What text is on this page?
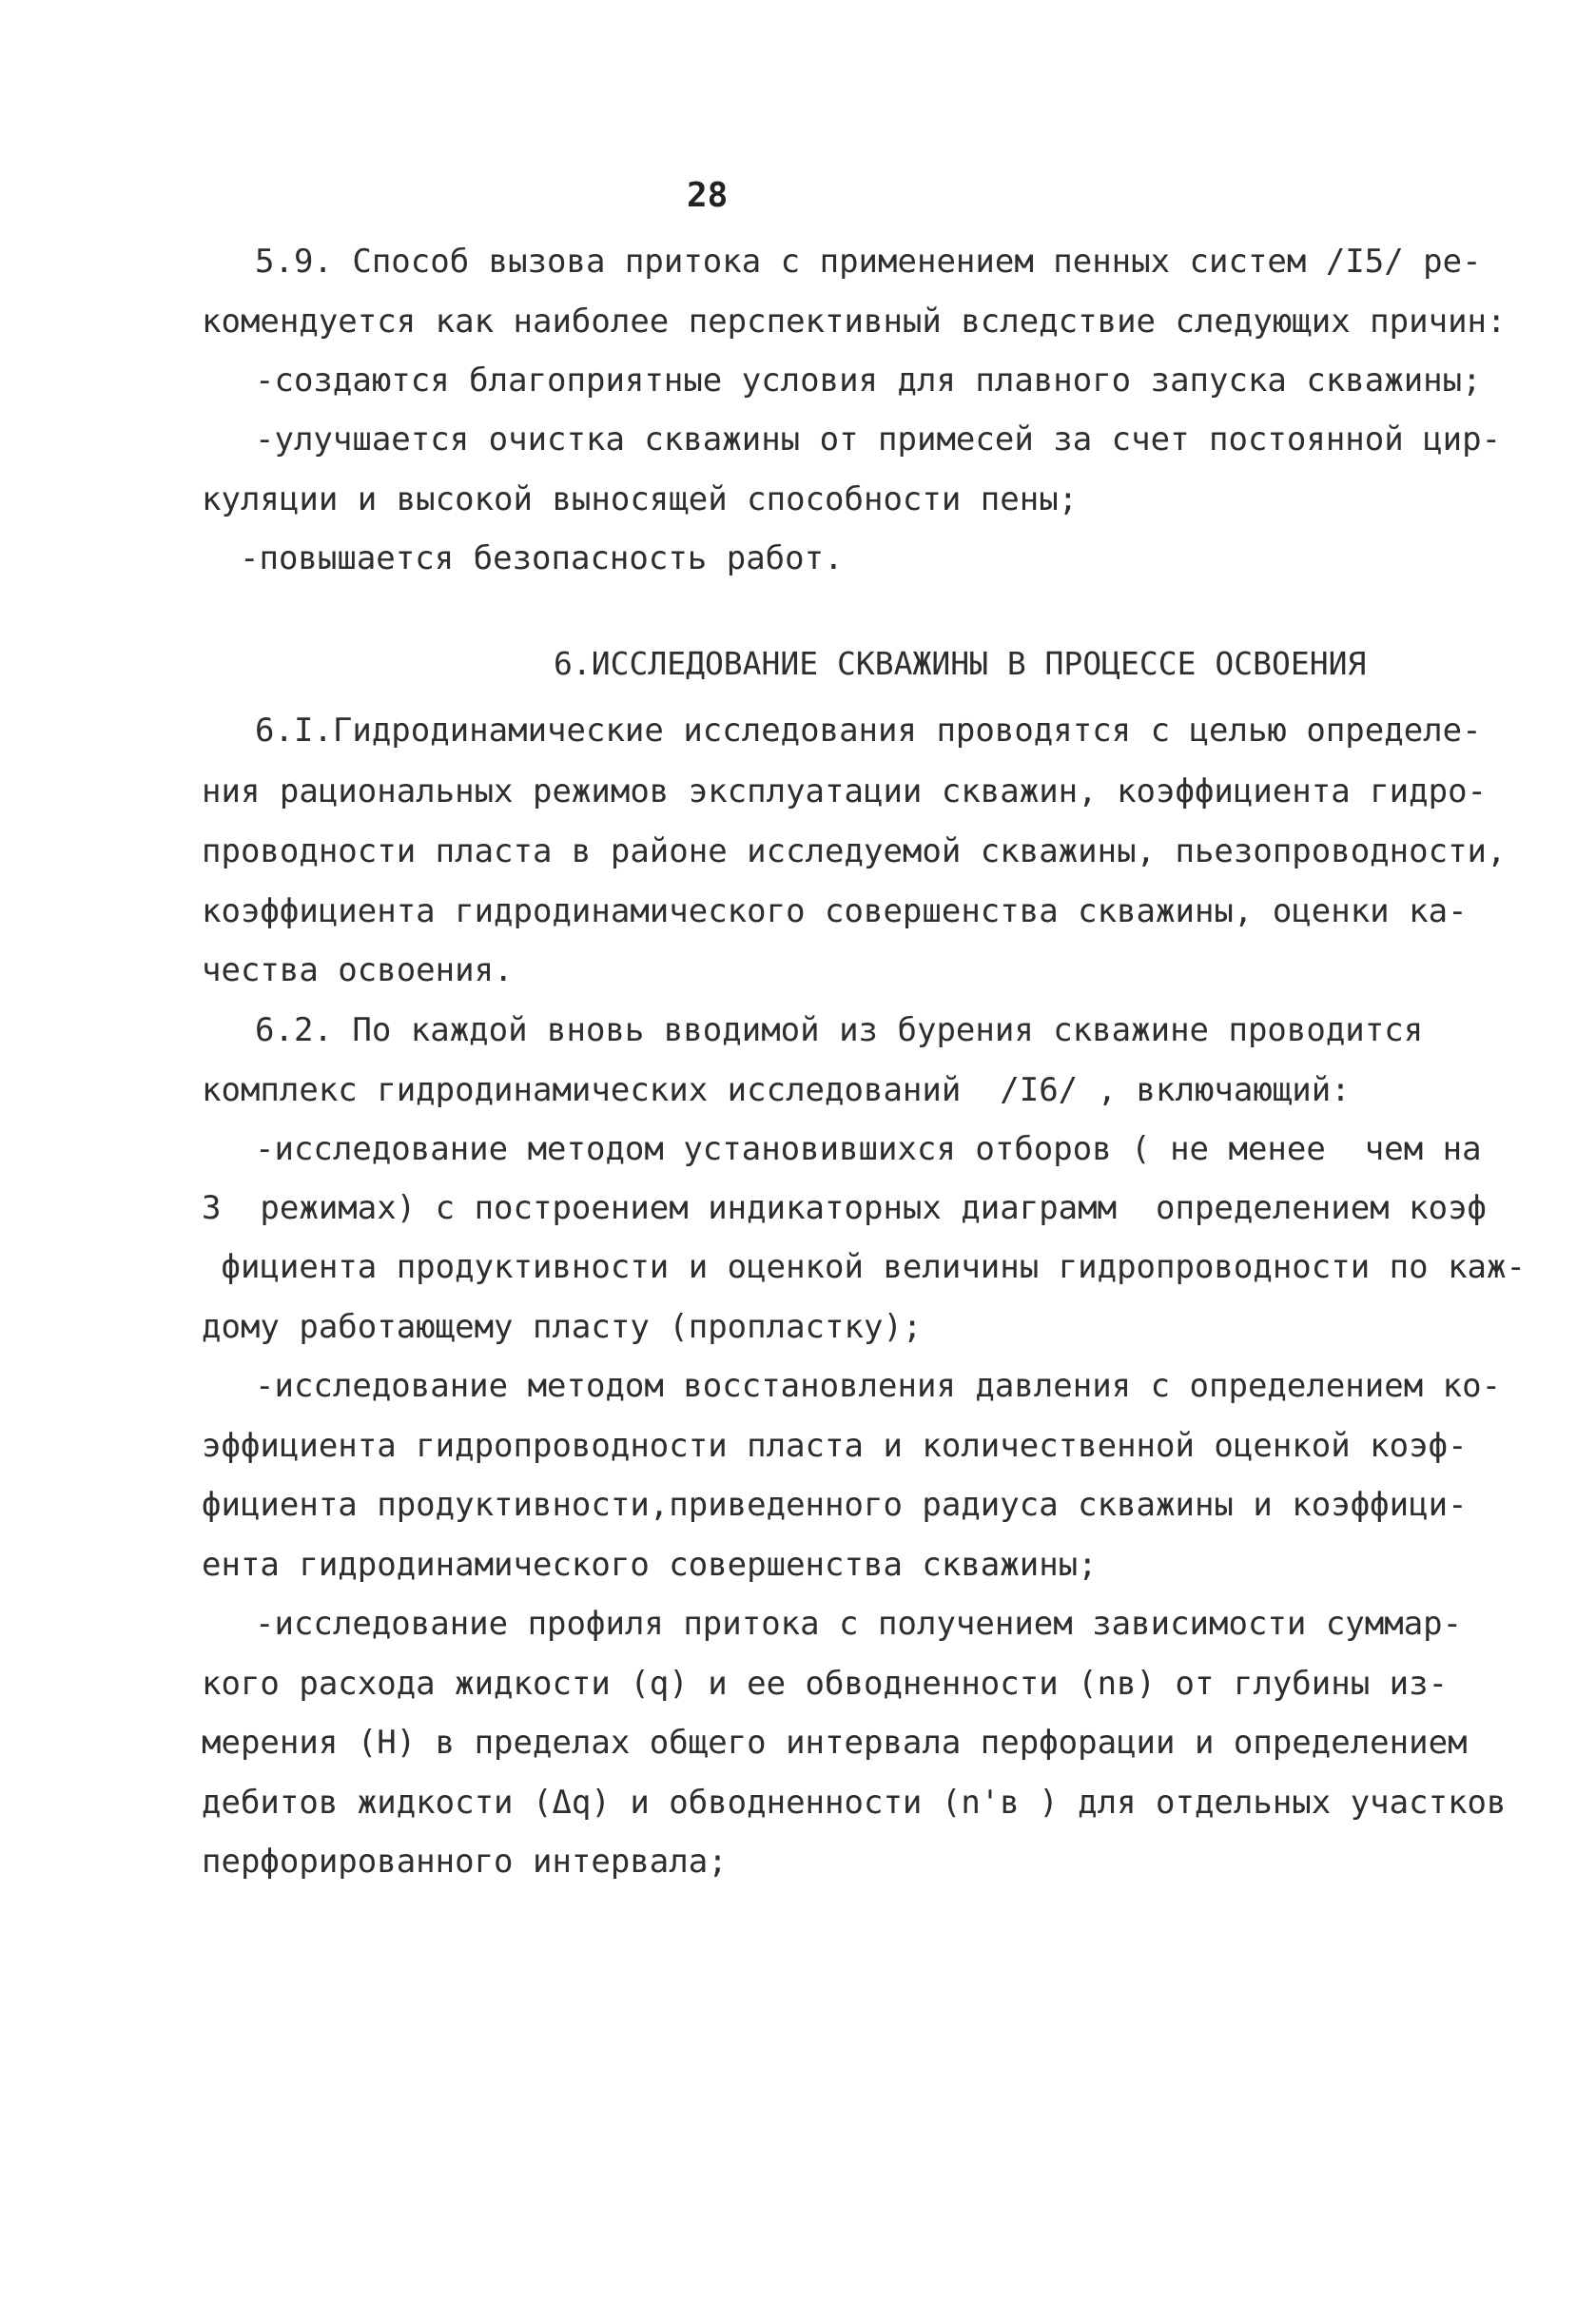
28
5.9. Способ вызова притока с применением пенных систем /I5/ ре-
комендуется как наиболее перспективный вследствие следующих причин:
-создаются благоприятные условия для плавного запуска скважины;
-улучшается очистка скважины от примесей за счет постоянной цир-
куляции и высокой выносящей способности пены;
-повышается безопасность работ.
6.ИССЛЕДОВАНИЕ СКВАЖИНЫ В ПРОЦЕССЕ ОСВОЕНИЯ
6.I.Гидродинамические исследования проводятся с целью определе-
ния рациональных режимов эксплуатации скважин, коэффициента гидро-
проводности пласта в районе исследуемой скважины, пьезопроводности,
коэффициента гидродинамического совершенства скважины, оценки ка-
чества освоения.
6.2. По каждой вновь вводимой из бурения скважине проводится
комплекс гидродинамических исследований  /I6/ , включающий:
-исследование методом установившихся отборов ( не менее  чем на
3  режимах) с построением индикаторных диаграмм  определением коэф
фициента продуктивности и оценкой величины гидропроводности по каж-
дому работающему пласту (пропластку);
-исследование методом восстановления давления с определением ко-
эффициента гидропроводности пласта и количественной оценкой коэф-
фициента продуктивности,приведенного радиуса скважины и коэффици-
ента гидродинамического совершенства скважины;
-исследование профиля притока с получением зависимости суммар-
кого расхода жидкости (q) и ее обводненности (nв) от глубины из-
мерения (Н) в пределах общего интервала перфорации и определением
дебитов жидкости (Δq) и обводненности (n'в ) для отдельных участков
перфорированного интервала;
